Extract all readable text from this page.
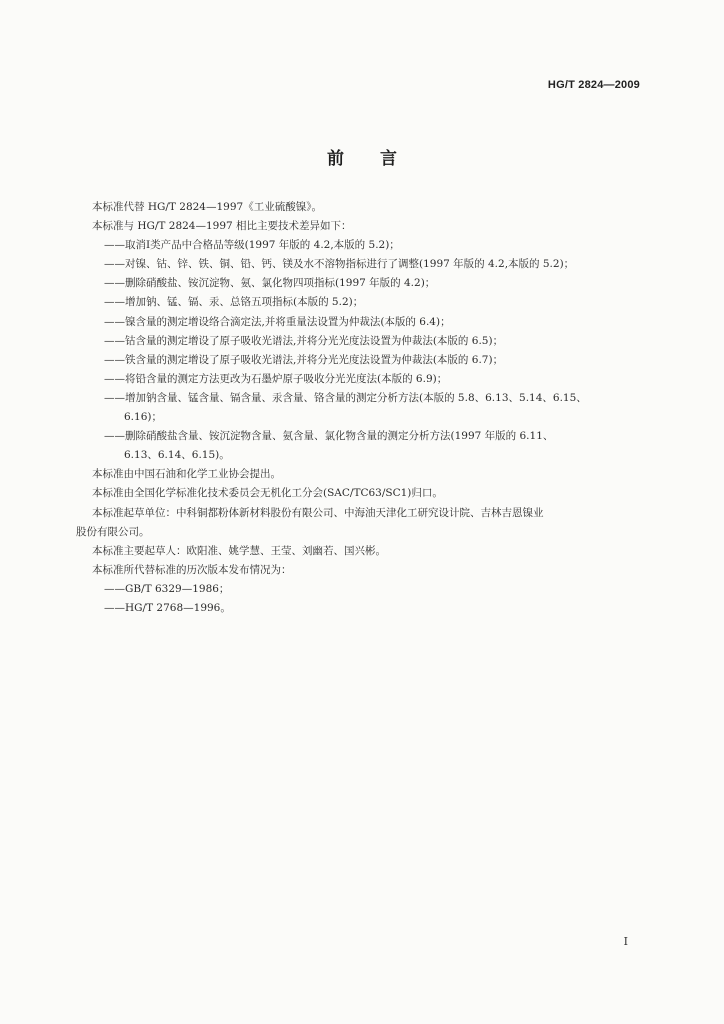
HG/T 2824—2009
前 言
本标准代替 HG/T 2824—1997《工业硫酸镍》。
本标准与 HG/T 2824—1997 相比主要技术差异如下：
——取消Ⅰ类产品中合格品等级(1997 年版的 4.2,本版的 5.2)；
——对镍、钴、锌、铁、铜、铅、钙、镁及水不溶物指标进行了调整(1997 年版的 4.2,本版的 5.2)；
——删除硝酸盐、铵沉淀物、氨、氯化物四项指标(1997 年版的 4.2)；
——增加钠、锰、镉、汞、总铬五项指标(本版的 5.2)；
——镍含量的测定增设络合滴定法,并将重量法设置为仲裁法(本版的 6.4)；
——钴含量的测定增设了原子吸收光谱法,并将分光光度法设置为仲裁法(本版的 6.5)；
——铁含量的测定增设了原子吸收光谱法,并将分光光度法设置为仲裁法(本版的 6.7)；
——将铅含量的测定方法更改为石墨炉原子吸收分光光度法(本版的 6.9)；
——增加钠含量、锰含量、镉含量、汞含量、铬含量的测定分析方法(本版的 5.8、6.13、5.14、6.15、
6.16)；
——删除硝酸盐含量、铵沉淀物含量、氨含量、氯化物含量的测定分析方法(1997 年版的 6.11、
6.13、6.14、6.15)。
本标准由中国石油和化学工业协会提出。
本标准由全国化学标准化技术委员会无机化工分会(SAC/TC63/SC1)归口。
本标准起草单位：中科铜都粉体新材料股份有限公司、中海油天津化工研究设计院、吉林吉恩镍业
股份有限公司。
本标准主要起草人：欧阳准、姚学慧、王莹、刘幽若、国兴彬。
本标准所代替标准的历次版本发布情况为：
——GB/T 6329—1986；
——HG/T 2768—1996。
I
